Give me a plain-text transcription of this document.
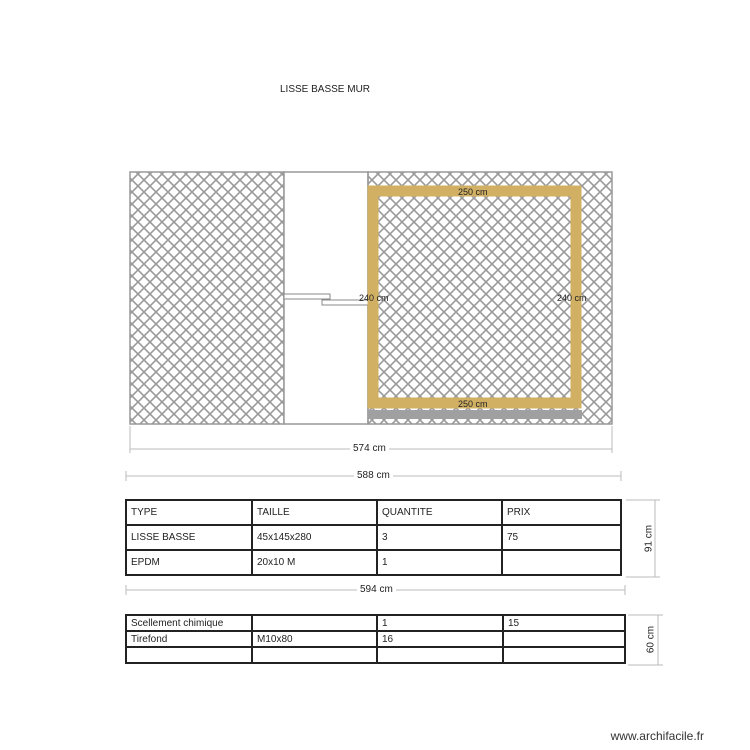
LISSE BASSE MUR
250 cm
250 cm
240 cm	240 cm
574 cm
588 cm
91 cm
TYPE	TAILLE	QUANTITE	PRIX
LISSE BASSE	45x145x280	3	75
EPDM	20x10 M	1	
594 cm
60 cm
Scellement chimique		1	15
Tirefond	M10x80	16	

www.archifacile.fr
